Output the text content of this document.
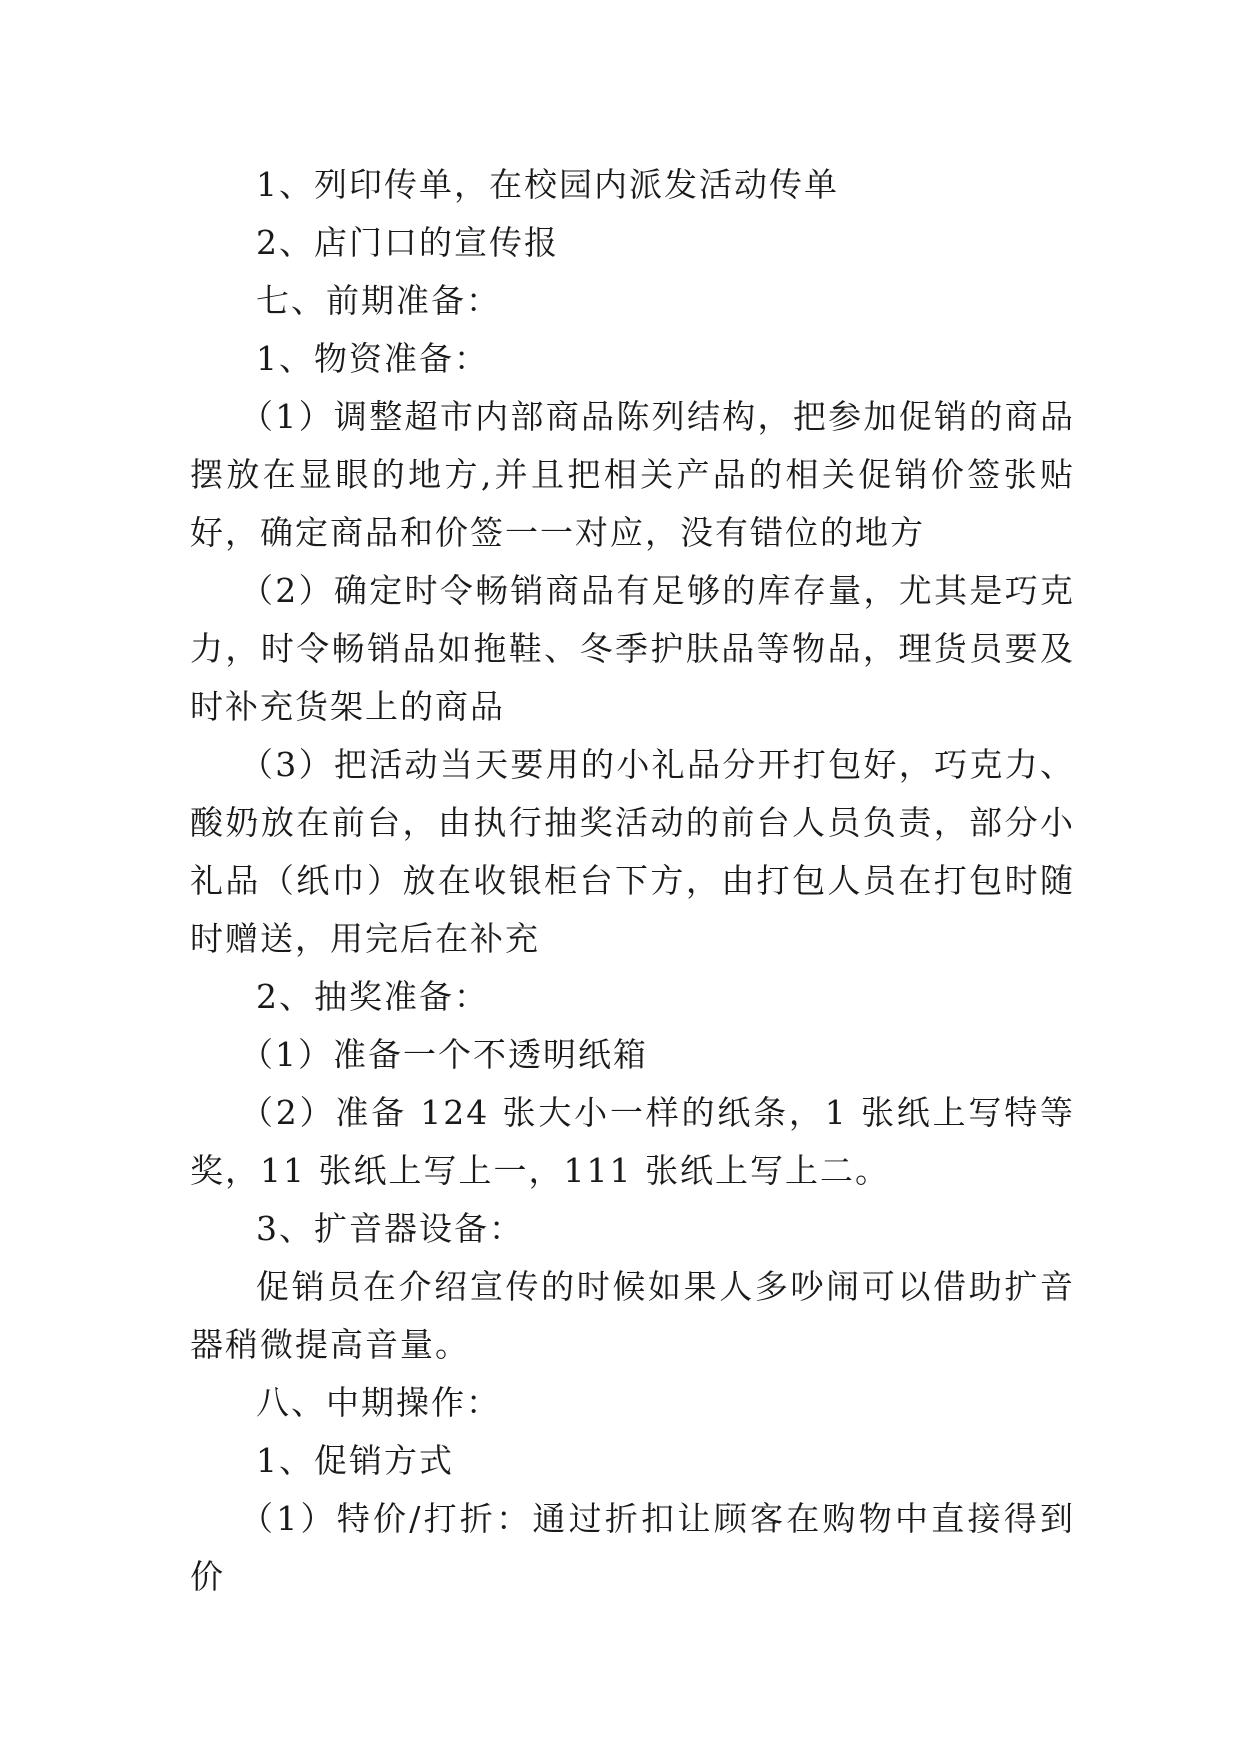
1、列印传单，在校园内派发活动传单

2、店门口的宣传报

七、前期准备：

1、物资准备：

（1）调整超市内部商品陈列结构，把参加促销的商品摆放在显眼的地方,并且把相关产品的相关促销价签张贴好，确定商品和价签一一对应，没有错位的地方

（2）确定时令畅销商品有足够的库存量，尤其是巧克力，时令畅销品如拖鞋、冬季护肤品等物品，理货员要及时补充货架上的商品

（3）把活动当天要用的小礼品分开打包好，巧克力、酸奶放在前台，由执行抽奖活动的前台人员负责，部分小礼品（纸巾）放在收银柜台下方，由打包人员在打包时随时赠送，用完后在补充

2、抽奖准备：

（1）准备一个不透明纸箱

（2）准备 124 张大小一样的纸条，1 张纸上写特等奖，11 张纸上写上一，111 张纸上写上二。

3、扩音器设备：

促销员在介绍宣传的时候如果人多吵闹可以借助扩音器稍微提高音量。

八、中期操作：

1、促销方式

（1）特价/打折：通过折扣让顾客在购物中直接得到价
